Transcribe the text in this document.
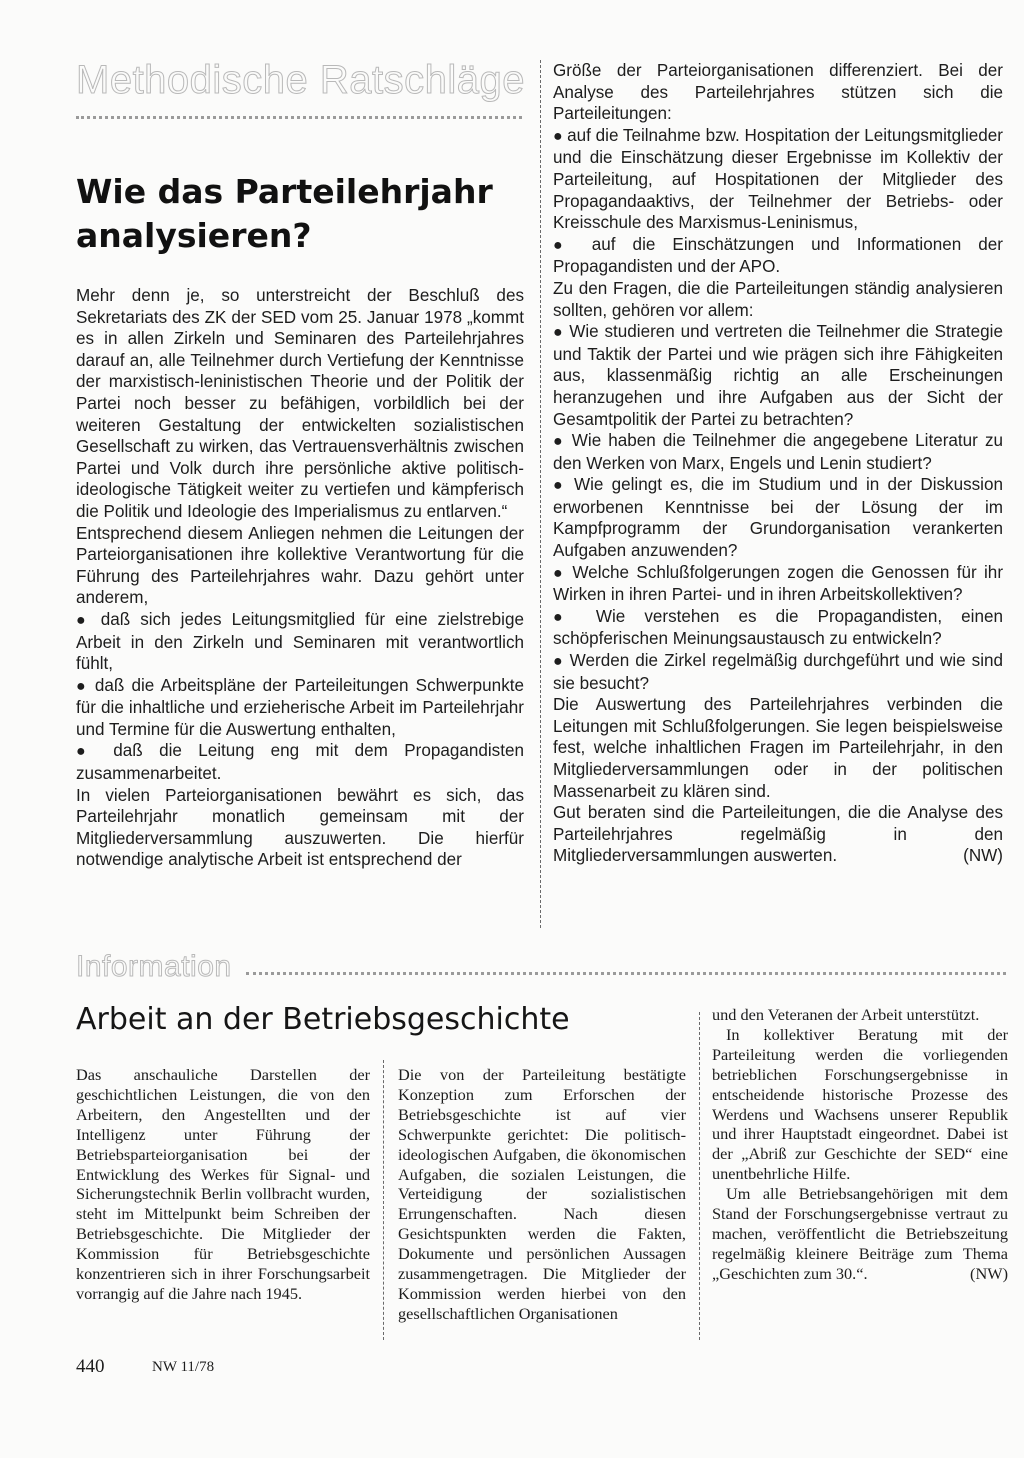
Methodische Ratschläge
Wie das Parteilehrjahr
analysieren?

Mehr denn je, so unterstreicht der Beschluß des Sekretariats des ZK der SED vom 25. Januar 1978 „kommt es in allen Zirkeln und Seminaren des Parteilehrjahres darauf an, alle Teilnehmer durch Vertiefung der Kenntnisse der marxistisch-leninistischen Theorie und der Politik der Partei noch besser zu befähigen, vorbildlich bei der weiteren Gestaltung der entwickelten sozialistischen Gesellschaft zu wirken, das Vertrauensverhältnis zwischen Partei und Volk durch ihre persönliche aktive politisch-ideologische Tätigkeit weiter zu vertiefen und kämpferisch die Politik und Ideologie des Imperialismus zu entlarven.“

Entsprechend diesem Anliegen nehmen die Leitungen der Parteiorganisationen ihre kollektive Verantwortung für die Führung des Parteilehrjahres wahr. Dazu gehört unter anderem,

● daß sich jedes Leitungsmitglied für eine zielstrebige Arbeit in den Zirkeln und Seminaren mit verantwortlich fühlt,

● daß die Arbeitspläne der Parteileitungen Schwerpunkte für die inhaltliche und erzieherische Arbeit im Parteilehrjahr und Termine für die Auswertung enthalten,

● daß die Leitung eng mit dem Propagandisten zusammenarbeitet.

In vielen Parteiorganisationen bewährt es sich, das Parteilehrjahr monatlich gemeinsam mit der Mitgliederversammlung auszuwerten. Die hierfür notwendige analytische Arbeit ist entsprechend der

Größe der Parteiorganisationen differenziert. Bei der Analyse des Parteilehrjahres stützen sich die Parteileitungen:

● auf die Teilnahme bzw. Hospitation der Leitungsmitglieder und die Einschätzung dieser Ergebnisse im Kollektiv der Parteileitung, auf Hospitationen der Mitglieder des Propagandaaktivs, der Teilnehmer der Betriebs- oder Kreisschule des Marxismus-Leninismus,

● auf die Einschätzungen und Informationen der Propagandisten und der APO.

Zu den Fragen, die die Parteileitungen ständig analysieren sollten, gehören vor allem:

● Wie studieren und vertreten die Teilnehmer die Strategie und Taktik der Partei und wie prägen sich ihre Fähigkeiten aus, klassenmäßig richtig an alle Erscheinungen heranzugehen und ihre Aufgaben aus der Sicht der Gesamtpolitik der Partei zu betrachten?

● Wie haben die Teilnehmer die angegebene Literatur zu den Werken von Marx, Engels und Lenin studiert?

● Wie gelingt es, die im Studium und in der Diskussion erworbenen Kenntnisse bei der Lösung der im Kampfprogramm der Grundorganisation verankerten Aufgaben anzuwenden?

● Welche Schlußfolgerungen zogen die Genossen für ihr Wirken in ihren Partei- und in ihren Arbeitskollektiven?

● Wie verstehen es die Propagandisten, einen schöpferischen Meinungsaustausch zu entwickeln?

● Werden die Zirkel regelmäßig durchgeführt und wie sind sie besucht?

Die Auswertung des Parteilehrjahres verbinden die Leitungen mit Schlußfolgerungen. Sie legen beispielsweise fest, welche inhaltlichen Fragen im Parteilehrjahr, in den Mitgliederversammlungen oder in der politischen Massenarbeit zu klären sind.

Gut beraten sind die Parteileitungen, die die Analyse des Parteilehrjahres regelmäßig in den Mitgliederversammlungen auswerten.	(NW)

Information
Arbeit an der Betriebsgeschichte

Das anschauliche Darstellen der geschichtlichen Leistungen, die von den Arbeitern, den Angestellten und der Intelligenz unter Führung der Betriebsparteiorganisation bei der Entwicklung des Werkes für Signal- und Sicherungstechnik Berlin vollbracht wurden, steht im Mittelpunkt beim Schreiben der Betriebsgeschichte. Die Mitglieder der Kommission für Betriebsgeschichte konzentrieren sich in ihrer Forschungsarbeit vorrangig auf die Jahre nach 1945.

Die von der Parteileitung bestätigte Konzeption zum Erforschen der Betriebsgeschichte ist auf vier Schwerpunkte gerichtet: Die politisch-ideologischen Aufgaben, die ökonomischen Aufgaben, die sozialen Leistungen, die Verteidigung der sozialistischen Errungenschaften. Nach diesen Gesichtspunkten werden die Fakten, Dokumente und persönlichen Aussagen zusammengetragen. Die Mitglieder der Kommission werden hierbei von den gesellschaftlichen Organisationen

und den Veteranen der Arbeit unterstützt.

In kollektiver Beratung mit der Parteileitung werden die vorliegenden betrieblichen Forschungsergebnisse in entscheidende historische Prozesse des Werdens und Wachsens unserer Republik und ihrer Hauptstadt eingeordnet. Dabei ist der „Abriß zur Geschichte der SED“ eine unentbehrliche Hilfe.

Um alle Betriebsangehörigen mit dem Stand der Forschungsergebnisse vertraut zu machen, veröffentlicht die Betriebszeitung regelmäßig kleinere Beiträge zum Thema „Geschichten zum 30.“.	(NW)

440	NW 11/78
